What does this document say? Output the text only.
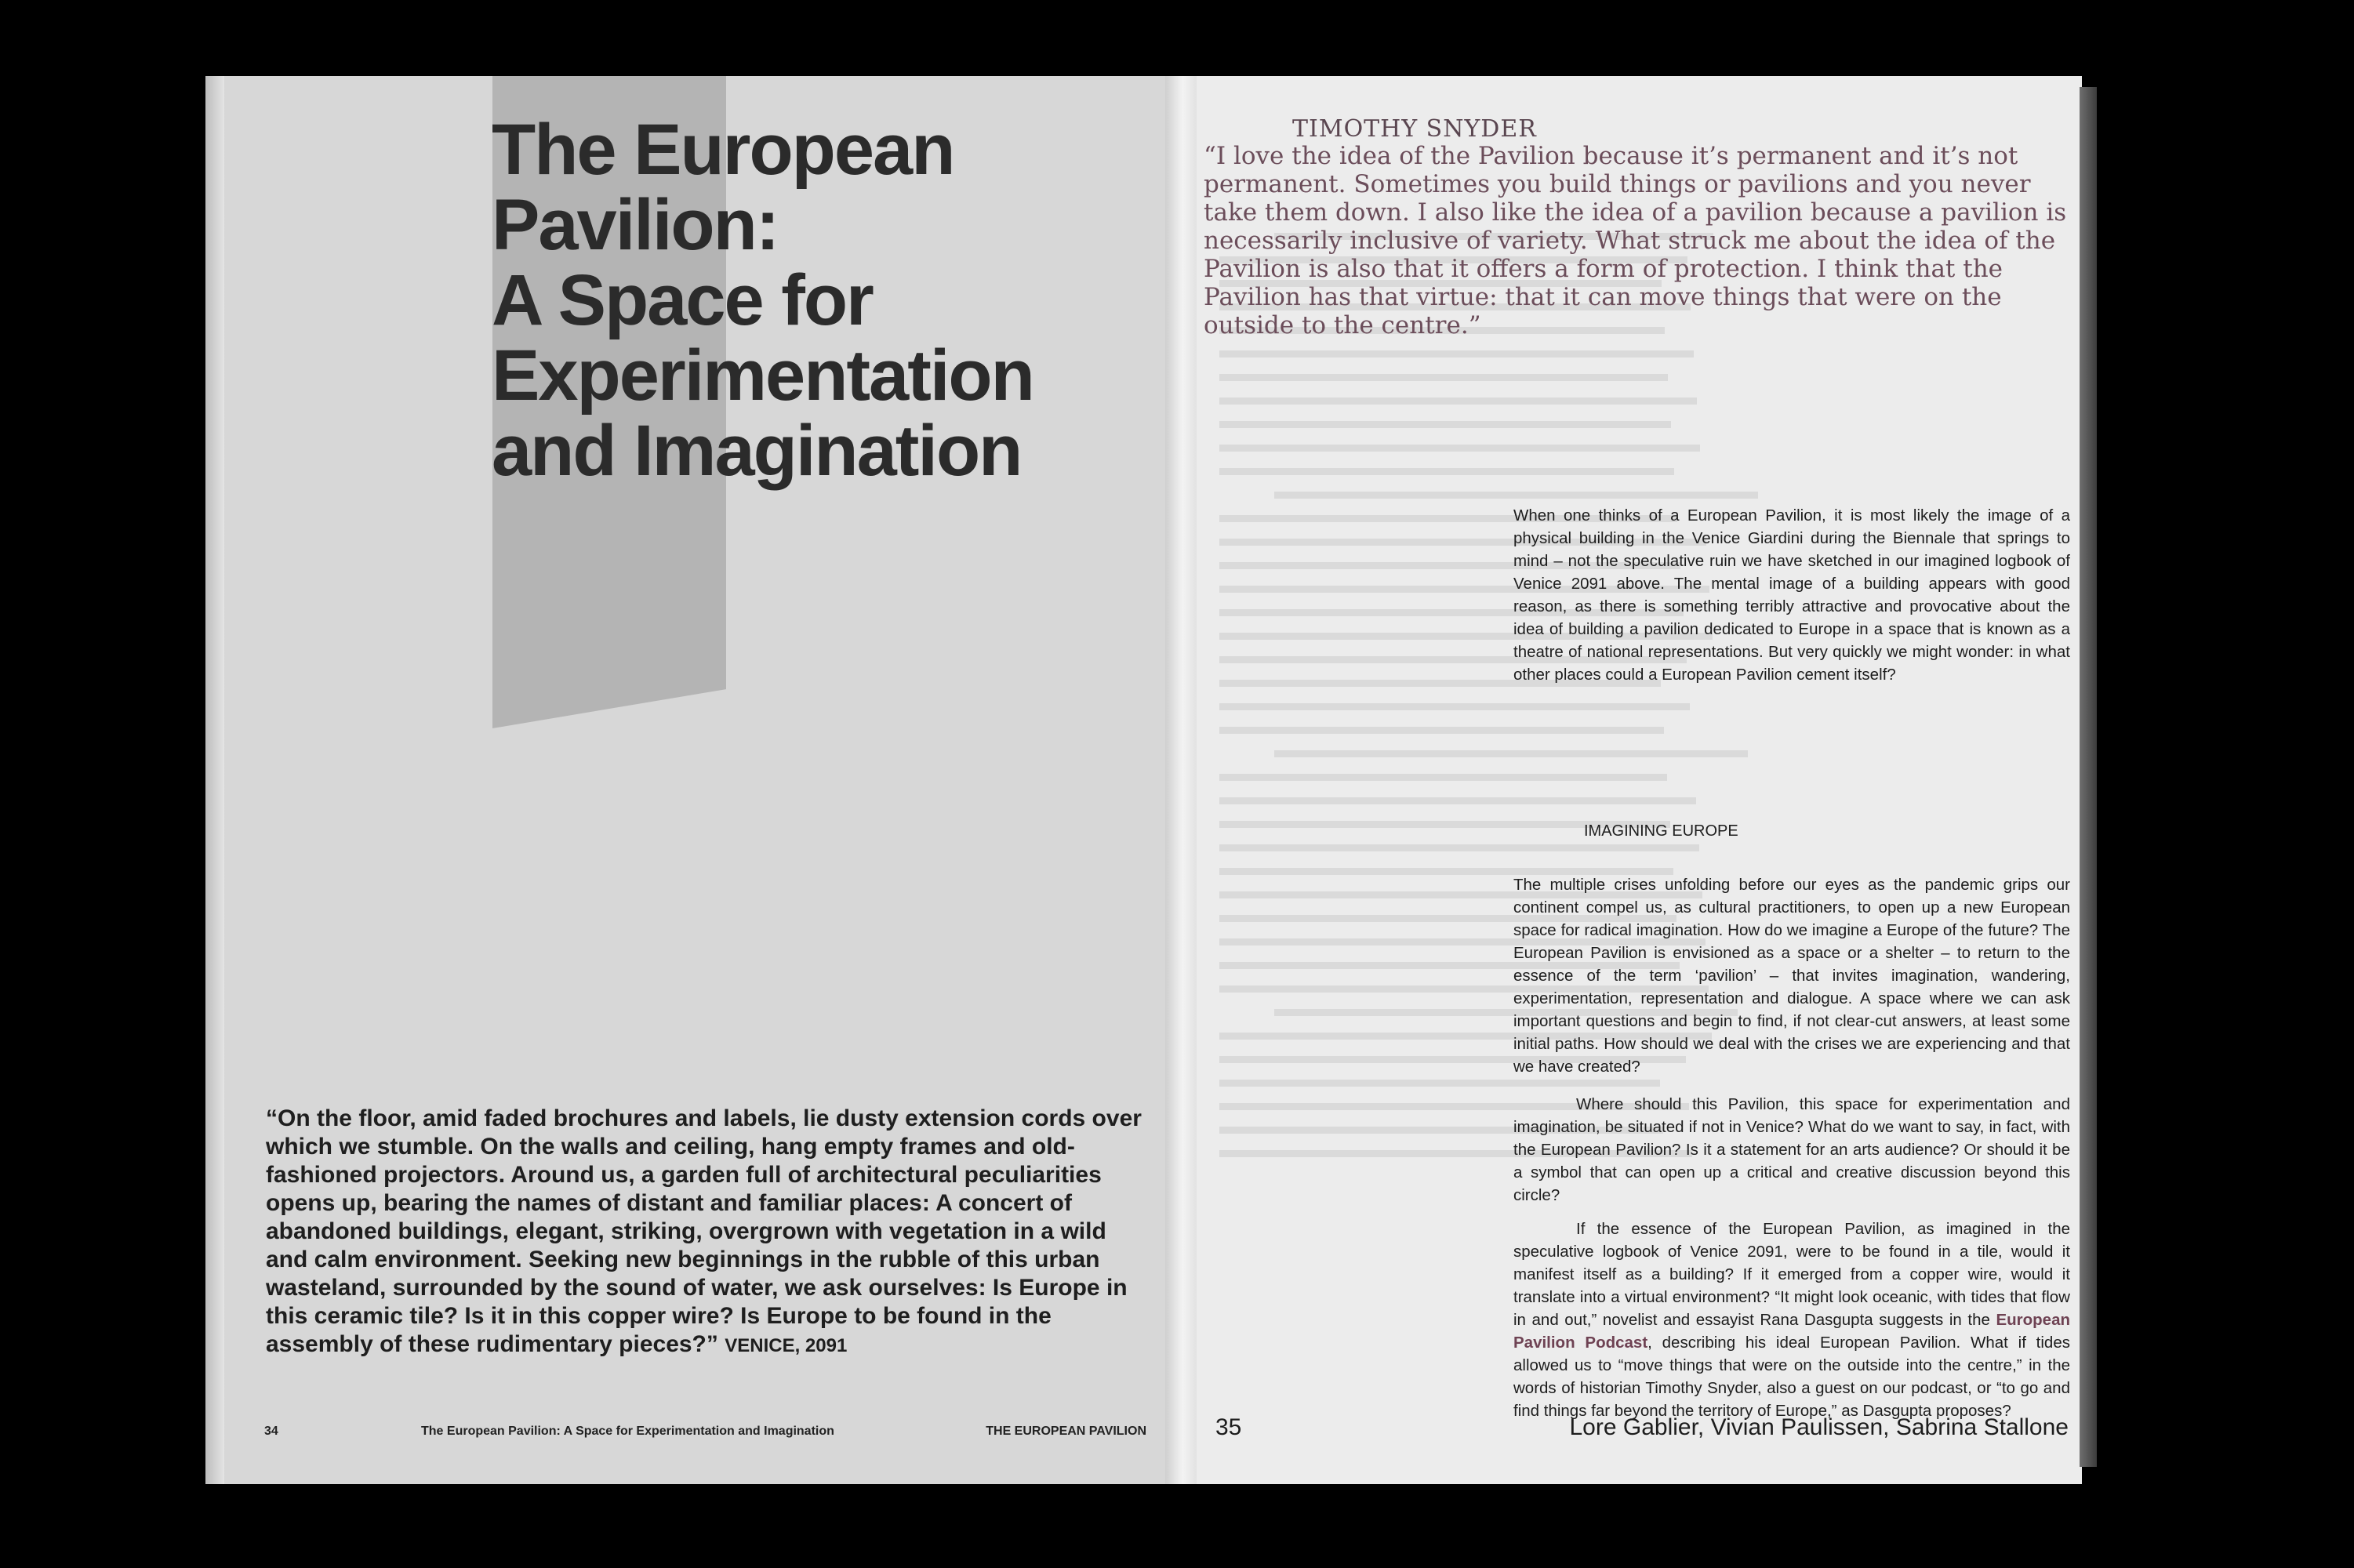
The European
Pavilion:
A Space for
Experimentation
and Imagination

“On the floor, amid faded brochures and labels, lie dusty extension cords over which we stumble. On the walls and ceiling, hang empty frames and old-fashioned projectors. Around us, a garden full of architectural peculiarities opens up, bearing the names of distant and familiar places: A concert of abandoned buildings, elegant, striking, overgrown with vegetation in a wild and calm environment. Seeking new beginnings in the rubble of this urban wasteland, surrounded by the sound of water, we ask ourselves: Is Europe in this ceramic tile? Is it in this copper wire? Is Europe to be found in the assembly of these rudimentary pieces?” VENICE, 2091

34	The European Pavilion: A Space for Experimentation and Imagination	THE EUROPEAN PAVILION

TIMOTHY SNYDER

“I love the idea of the Pavilion because it’s permanent and it’s not permanent. Sometimes you build things or pavilions and you never take them down. I also like the idea of a pavilion because a pavilion is necessarily inclusive of variety. What struck me about the idea of the Pavilion is also that it offers a form of protection. I think that the Pavilion has that virtue: that it can move things that were on the outside to the centre.”

When one thinks of a European Pavilion, it is most likely the image of a physical building in the Venice Giardini during the Biennale that springs to mind – not the speculative ruin we have sketched in our imagined logbook of Venice 2091 above. The mental image of a building appears with good reason, as there is something terribly attractive and provocative about the idea of building a pavilion dedicated to Europe in a space that is known as a theatre of national representations. But very quickly we might wonder: in what other places could a European Pavilion cement itself?

IMAGINING EUROPE

The multiple crises unfolding before our eyes as the pandemic grips our continent compel us, as cultural practitioners, to open up a new European space for radical imagination. How do we imagine a Europe of the future? The European Pavilion is envisioned as a space or a shelter – to return to the essence of the term ‘pavilion’ – that invites imagination, wandering, experimentation, representation and dialogue. A space where we can ask important questions and begin to find, if not clear-cut answers, at least some initial paths. How should we deal with the crises we are experiencing and that we have created?

Where should this Pavilion, this space for experimentation and imagination, be situated if not in Venice? What do we want to say, in fact, with the European Pavilion? Is it a statement for an arts audience? Or should it be a symbol that can open up a critical and creative discussion beyond this circle?

If the essence of the European Pavilion, as imagined in the speculative logbook of Venice 2091, were to be found in a tile, would it manifest itself as a building? If it emerged from a copper wire, would it translate into a virtual environment? “It might look oceanic, with tides that flow in and out,” novelist and essayist Rana Dasgupta suggests in the European Pavilion Podcast, describing his ideal European Pavilion. What if tides allowed us to “move things that were on the outside into the centre,” in the words of historian Timothy Snyder, also a guest on our podcast, or “to go and find things far beyond the territory of Europe,” as Dasgupta proposes?

35	Lore Gablier, Vivian Paulissen, Sabrina Stallone
